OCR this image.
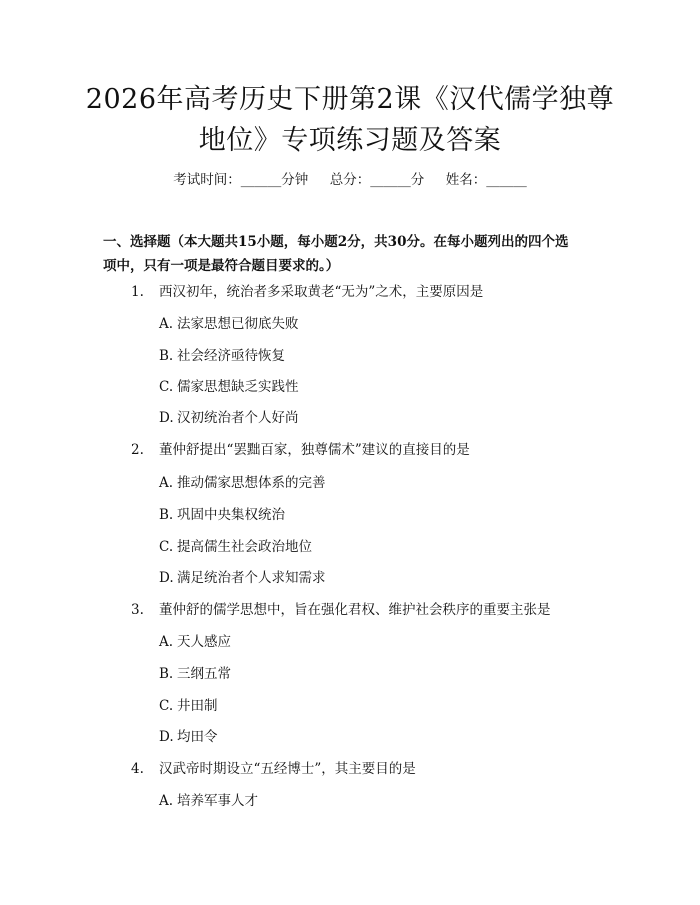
2026年高考历史下册第2课《汉代儒学独尊
地位》专项练习题及答案
考试时间：______分钟     总分：______分     姓名：______
一、选择题（本大题共15小题，每小题2分，共30分。在每小题列出的四个选
项中，只有一项是最符合题目要求的。）
1.	西汉初年，统治者多采取黄老“无为”之术，主要原因是
A. 法家思想已彻底失败
B. 社会经济亟待恢复
C. 儒家思想缺乏实践性
D. 汉初统治者个人好尚
2.	董仲舒提出“罢黜百家，独尊儒术”建议的直接目的是
A. 推动儒家思想体系的完善
B. 巩固中央集权统治
C. 提高儒生社会政治地位
D. 满足统治者个人求知需求
3.	董仲舒的儒学思想中，旨在强化君权、维护社会秩序的重要主张是
A. 天人感应
B. 三纲五常
C. 井田制
D. 均田令
4.	汉武帝时期设立“五经博士”，其主要目的是
A. 培养军事人才
